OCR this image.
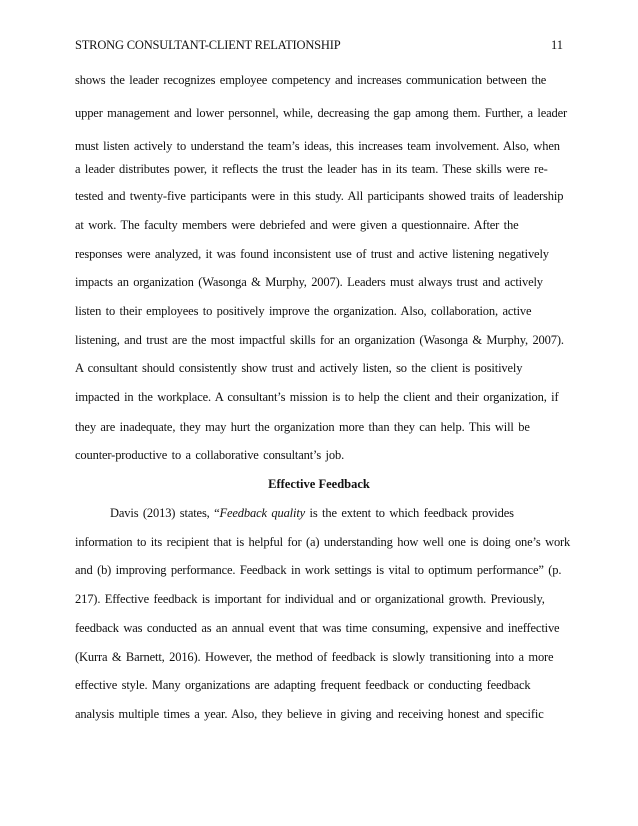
STRONG CONSULTANT-CLIENT RELATIONSHIP	11
shows the leader recognizes employee competency and increases communication between the
upper management and lower personnel, while, decreasing the gap among them. Further, a leader
must listen actively to understand the team’s ideas, this increases team involvement. Also, when
a leader distributes power, it reflects the trust the leader has in its team. These skills were re-
tested and twenty-five participants were in this study. All participants showed traits of leadership
at work. The faculty members were debriefed and were given a questionnaire. After the
responses were analyzed, it was found inconsistent use of trust and active listening negatively
impacts an organization (Wasonga & Murphy, 2007). Leaders must always trust and actively
listen to their employees to positively improve the organization. Also, collaboration, active
listening, and trust are the most impactful skills for an organization (Wasonga & Murphy, 2007).
A consultant should consistently show trust and actively listen, so the client is positively
impacted in the workplace. A consultant’s mission is to help the client and their organization, if
they are inadequate, they may hurt the organization more than they can help. This will be
counter-productive to a collaborative consultant’s job.
Effective Feedback
Davis (2013) states, “Feedback quality is the extent to which feedback provides
information to its recipient that is helpful for (a) understanding how well one is doing one’s work
and (b) improving performance. Feedback in work settings is vital to optimum performance” (p.
217). Effective feedback is important for individual and or organizational growth. Previously,
feedback was conducted as an annual event that was time consuming, expensive and ineffective
(Kurra & Barnett, 2016). However, the method of feedback is slowly transitioning into a more
effective style. Many organizations are adapting frequent feedback or conducting feedback
analysis multiple times a year. Also, they believe in giving and receiving honest and specific
